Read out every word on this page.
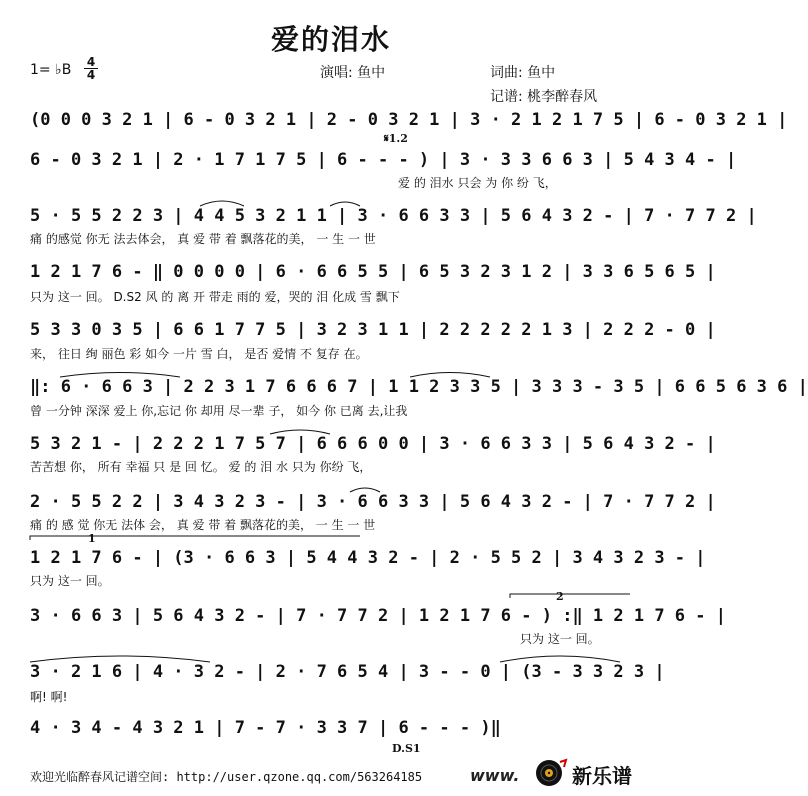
爱的泪水
1= ♭B 4
4	演唱: 鱼中	词曲: 鱼中
记谱: 桃李醉春风
(0 0 0 3 2 1 | 6 - 0 3 2 1 | 2 - 0 3 2 1 | 3 · 2 1 2 1 7 5 | 6 - 0 3 2 1 |
𝄋1.2
6 - 0 3 2 1 | 2 · 1 7 1 7 5 | 6 - - - ) | 3 · 3 3 6 6 3 | 5 4 3 4 - |
爱 的 泪水 只会 为 你 纷 飞，
5 · 5 5 2 2 3 | 4 4 5 3 2 1 1 | 3 · 6 6 3 3 | 5 6 4 3 2 - | 7 · 7 7 2 |
痛 的感觉 你无 法去体会， 真 爱 带 着 飘落花的美， 一 生 一 世
1 2 1 7 6 - ‖ 0 0 0 0 | 6 · 6 6 5 5 | 6 5 3 2 3 1 2 | 3 3 6 5 6 5 |
只为 这一 回。 D.S2 风 的 离 开 带走 雨的 爱，哭的 泪 化成 雪 飘下
5 3 3 0 3 5 | 6 6 1 7 7 5 | 3 2 3 1 1 | 2 2 2 2 2 1 3 | 2 2 2 - 0 |
来， 往日 绚 丽色 彩 如今 一片 雪 白， 是否 爱情 不 复存 在。
‖: 6 · 6 6 3 | 2 2 3 1 7 6 6 6 7 | 1 1 2 3 3 5 | 3 3 3 - 3 5 | 6 6 5 6 3 6 |
曾 一分钟 深深 爱上 你,忘记 你 却用 尽一辈 子， 如今 你 已离 去,让我
5 3 2 1 - | 2 2 2 1 7 5 7 | 6 6 6 0 0 | 3 · 6 6 3 3 | 5 6 4 3 2 - |
苦苦想 你， 所有 幸福 只 是 回 忆。 爱 的 泪 水 只为 你纷 飞，
2 · 5 5 2 2 | 3 4 3 2 3 - | 3 · 6 6 3 3 | 5 6 4 3 2 - | 7 · 7 7 2 |
痛 的 感 觉 你无 法体 会， 真 爱 带 着 飘落花的美， 一 生 一 世
1
1 2 1 7 6 - | (3 · 6 6 3 | 5 4 4 3 2 - | 2 · 5 5 2 | 3 4 3 2 3 - |
只为 这一 回。
2
3 · 6 6 3 | 5 6 4 3 2 - | 7 · 7 7 2 | 1 2 1 7 6 - ) :‖ 1 2 1 7 6 - |
只为 这一 回。
3 · 2 1 6 | 4 · 3 2 - | 2 · 7 6 5 4 | 3 - - 0 | (3 - 3 3 2 3 |
啊! 啊!
4 · 3 4 - 4 3 2 1 | 7 - 7 · 3 3 7 | 6 - - - )‖
D.S1
欢迎光临醉春风记谱空间: http://user.qzone.qq.com/563264185	www.	新乐谱
